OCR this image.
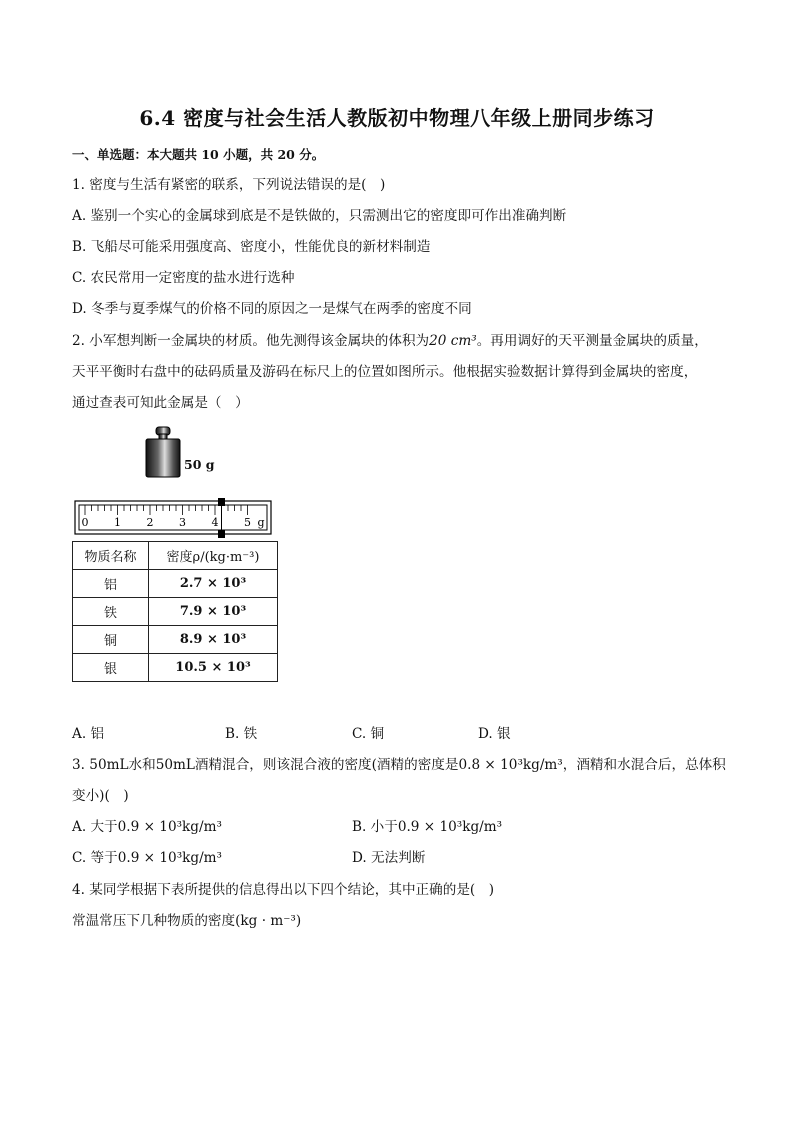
6.4 密度与社会生活人教版初中物理八年级上册同步练习
一、单选题：本大题共 10 小题，共 20 分。
1. 密度与生活有紧密的联系，下列说法错误的是(　)
A. 鉴别一个实心的金属球到底是不是铁做的，只需测出它的密度即可作出准确判断
B. 飞船尽可能采用强度高、密度小，性能优良的新材料制造
C. 农民常用一定密度的盐水进行选种
D. 冬季与夏季煤气的价格不同的原因之一是煤气在两季的密度不同
2. 小军想判断一金属块的材质。他先测得该金属块的体积为20 cm³。再用调好的天平测量金属块的质量，
天平平衡时右盘中的砝码质量及游码在标尺上的位置如图所示。他根据实验数据计算得到金属块的密度，
通过查表可知此金属是（　）
50 g
0 1 2 3 4 5 g
物质名称	密度ρ/(kg·m⁻³)
铝	2.7 × 10³
铁	7.9 × 10³
铜	8.9 × 10³
银	10.5 × 10³
A. 铝	B. 铁	C. 铜	D. 银
3. 50mL水和50mL酒精混合，则该混合液的密度(酒精的密度是0.8 × 10³kg/m³，酒精和水混合后，总体积
变小)(　)
A. 大于0.9 × 10³kg/m³	B. 小于0.9 × 10³kg/m³
C. 等于0.9 × 10³kg/m³	D. 无法判断
4. 某同学根据下表所提供的信息得出以下四个结论，其中正确的是(　)
常温常压下几种物质的密度(kg · m⁻³)
